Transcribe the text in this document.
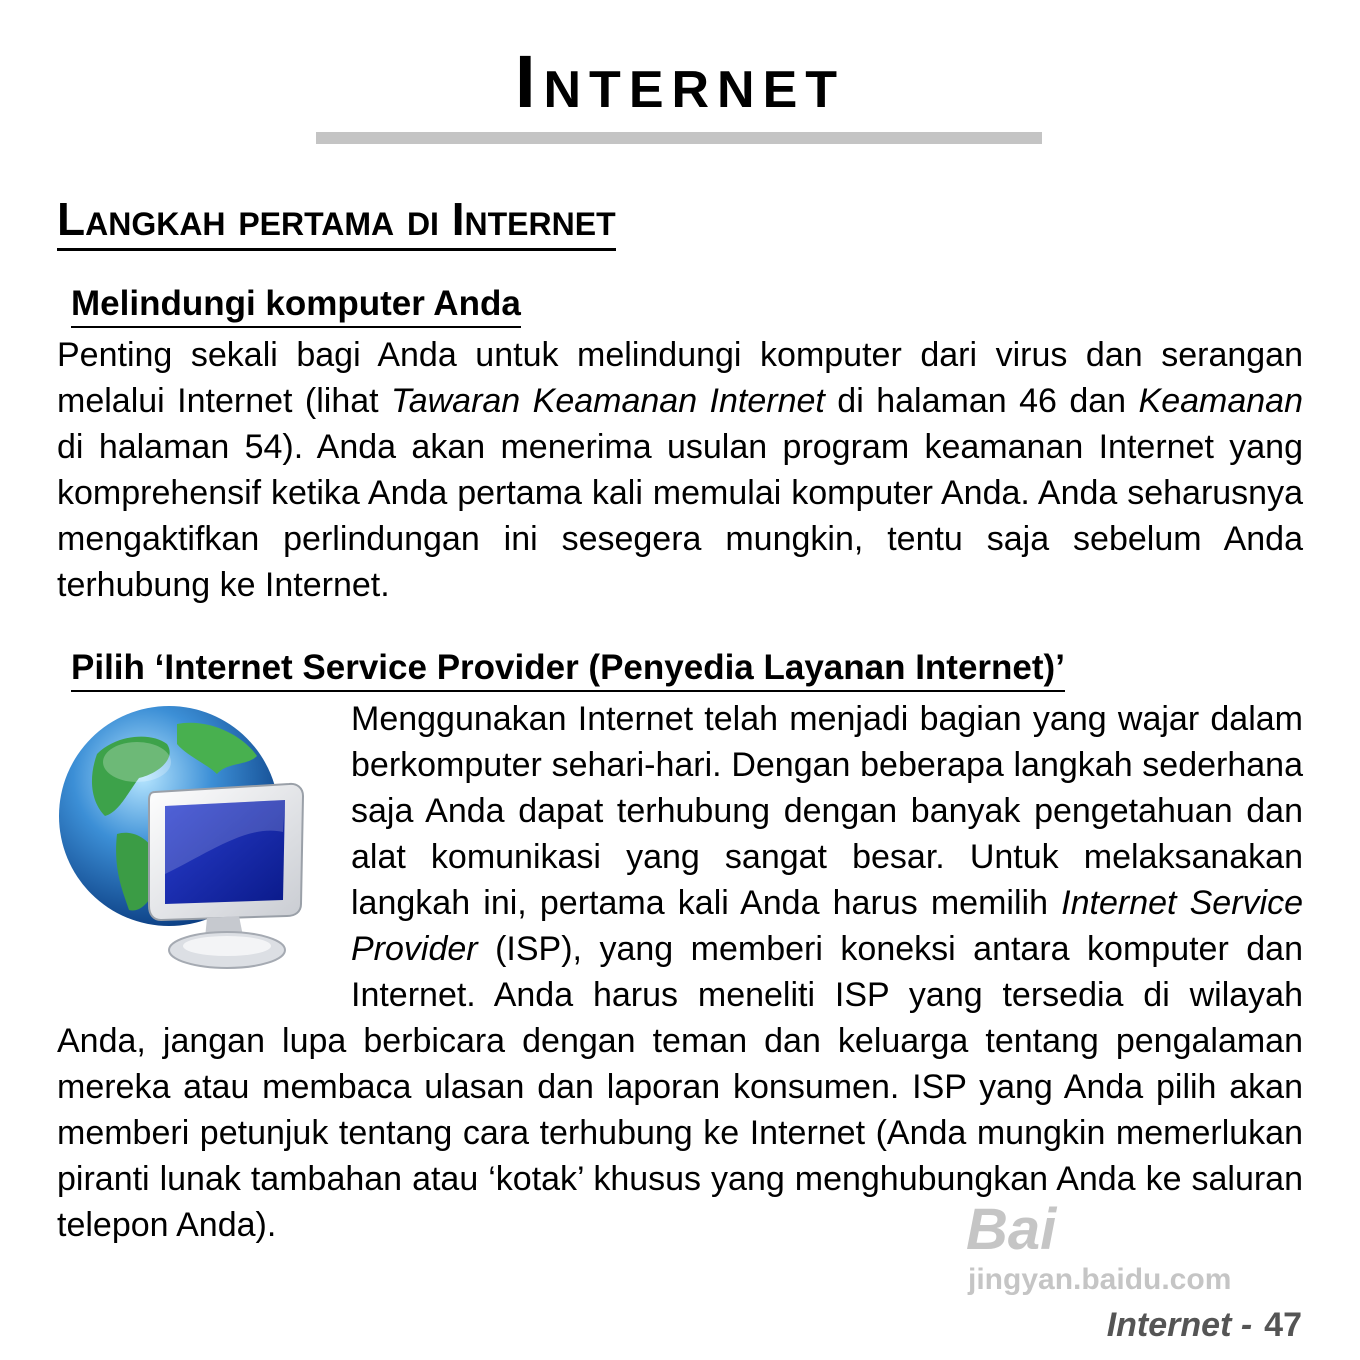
Internet
Langkah pertama di Internet
Melindungi komputer Anda

Penting sekali bagi Anda untuk melindungi komputer dari virus dan serangan melalui Internet (lihat Tawaran Keamanan Internet di halaman 46 dan Keamanan di halaman 54). Anda akan menerima usulan program keamanan Internet yang komprehensif ketika Anda pertama kali memulai komputer Anda. Anda seharusnya mengaktifkan perlindungan ini sesegera mungkin, tentu saja sebelum Anda terhubung ke Internet.

Pilih ‘Internet Service Provider (Penyedia Layanan Internet)’

Menggunakan Internet telah menjadi bagian yang wajar dalam berkomputer sehari-hari. Dengan beberapa langkah sederhana saja Anda dapat terhubung dengan banyak pengetahuan dan alat komunikasi yang sangat besar. Untuk melaksanakan langkah ini, pertama kali Anda harus memilih Internet Service Provider (ISP), yang memberi koneksi antara komputer dan Internet. Anda harus meneliti ISP yang tersedia di wilayah Anda, jangan lupa berbicara dengan teman dan keluarga tentang pengalaman mereka atau membaca ulasan dan laporan konsumen. ISP yang Anda pilih akan memberi petunjuk tentang cara terhubung ke Internet (Anda mungkin memerlukan piranti lunak tambahan atau ‘kotak’ khusus yang menghubungkan Anda ke saluran telepon Anda).	Bai
jingyan.baidu.com

Internet - 47
